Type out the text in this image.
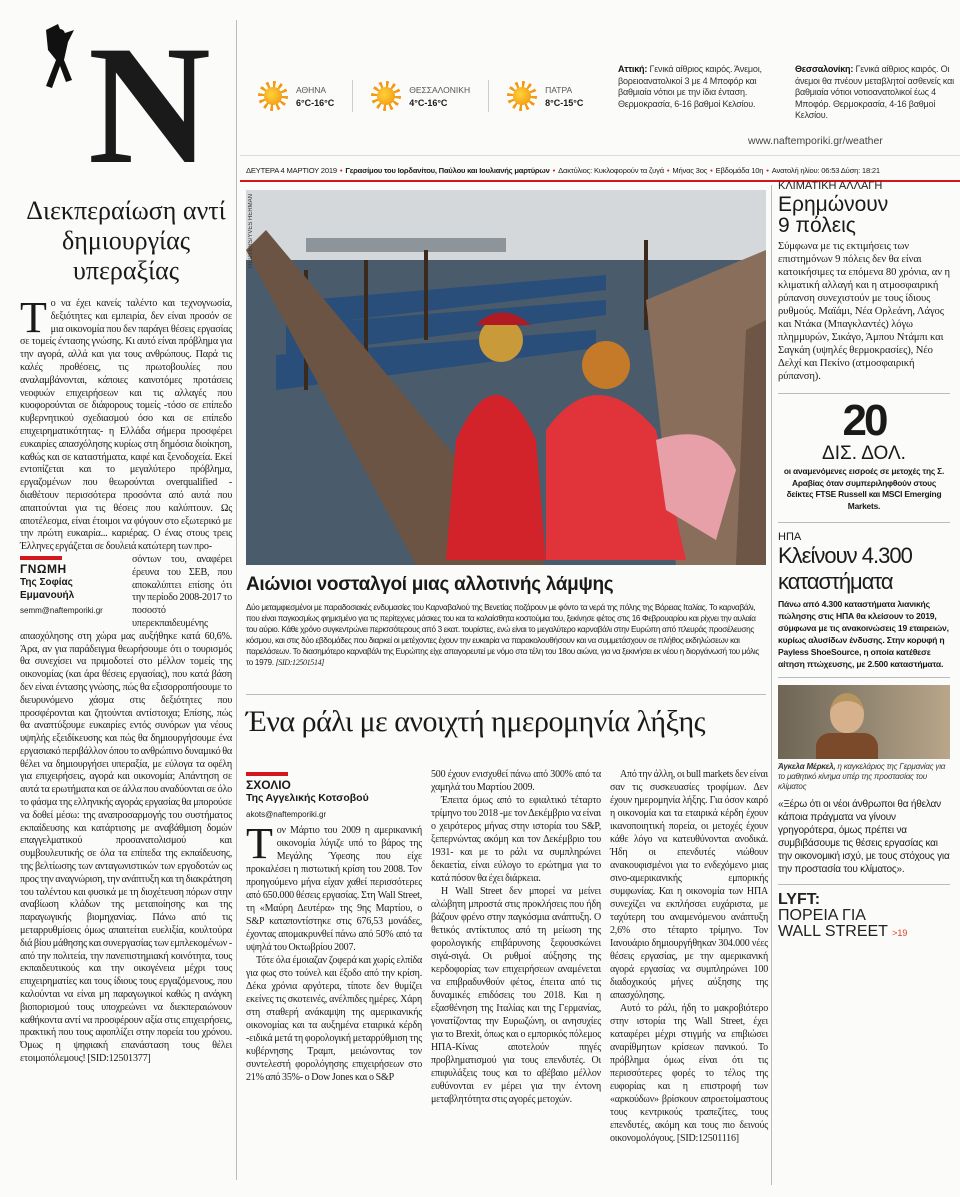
N
Διεκπεραίωση αντί δημιουργίας υπεραξίας

Το να έχει κανείς ταλέντο και τεχνογνωσία, δεξιότητες και εμπειρία, δεν είναι προσόν σε μια οικονομία που δεν παράγει θέσεις εργασίας σε τομείς έντασης γνώσης. Κι αυτό είναι πρόβλημα για την αγορά, αλλά και για τους ανθρώπους. Παρά τις καλές προθέσεις, τις πρωτοβουλίες που αναλαμβάνονται, κάποιες καινοτόμες προτάσεις νεοφυών επιχειρήσεων και τις αλλαγές που κυοφορούνται σε διάφορους τομείς -τόσο σε επίπεδο κυβερνητικού σχεδιασμού όσο και σε επίπεδο επιχειρηματικότητας- η Ελλάδα σήμερα προσφέρει ευκαιρίες απασχόλησης κυρίως στη δημόσια διοίκηση, καθώς και σε καταστήματα, καφέ και ξενοδοχεία. Εκεί εντοπίζεται και το μεγαλύτερο πρόβλημα, εργαζομένων που θεωρούνται overqualified - διαθέτουν περισσότερα προσόντα από αυτά που απαιτούνται για τις θέσεις που καλύπτουν. Ως αποτέλεσμα, είναι έτοιμοι να φύγουν στο εξωτερικό με την πρώτη ευκαιρία... καριέρας. Ο ένας στους τρεις Έλληνες εργάζεται σε δουλειά κατώτερη των προ-

ΓΝΩΜΗ
Της Σοφίας Εμμανουήλ
semm@naftemporiki.gr

σόντων του, αναφέρει έρευνα του ΣΕΒ, που αποκαλύπτει επίσης ότι την περίοδο 2008-2017 το ποσοστό υπερεκπαιδευμένης απασχόλησης στη χώρα μας αυξήθηκε κατά 60,6%. Άρα, αν για παράδειγμα θεωρήσουμε ότι ο τουρισμός θα συνεχίσει να πριμοδοτεί στο μέλλον τομείς της οικονομίας (και άρα θέσεις εργασίας), που κατά βάση δεν είναι έντασης γνώσης, πώς θα εξισορροπήσουμε το διευρυνόμενο χάσμα στις δεξιότητες που προσφέρονται και ζητούνται αντίστοιχα; Επίσης, πώς θα αναπτύξουμε ευκαιρίες εντός συνόρων για νέους υψηλής εξειδίκευσης και πώς θα δημιουργήσουμε ένα εργασιακό περιβάλλον όπου το ανθρώπινο δυναμικό θα θέλει να δημιουργήσει υπεραξία, με εύλογα τα οφέλη για επιχειρήσεις, αγορά και οικονομία; Απάντηση σε αυτά τα ερωτήματα και σε άλλα που αναδύονται σε όλο το φάσμα της ελληνικής αγοράς εργασίας θα μπορούσε να δοθεί μέσω: της αναπροσαρμογής του συστήματος εκπαίδευσης και κατάρτισης με αναβάθμιση δομών επαγγελματικού προσανατολισμού και συμβουλευτικής σε όλα τα επίπεδα της εκπαίδευσης, της βελτίωσης των ανταγωνιστικών των εργοδοτών ως προς την αναγνώριση, την ανάπτυξη και τη διακράτηση του ταλέντου και φυσικά με τη διοχέτευση πόρων στην αναβίωση κλάδων της μεταποίησης και της παραγωγικής βιομηχανίας. Πάνω από τις μεταρρυθμίσεις όμως απαιτείται ευελιξία, κουλτούρα διά βίου μάθησης και συνεργασίας των εμπλεκομένων - από την πολιτεία, την πανεπιστημιακή κοινότητα, τους εκπαιδευτικούς και την οικογένεια μέχρι τους επιχειρηματίες και τους ίδιους τους εργαζόμενους, που καλούνται να είναι μη παραγωγικοί καθώς η ανάγκη βιοπορισμού τους υποχρεώνει να διεκπεραιώνουν καθήκοντα αντί να προσφέρουν αξία στις επιχειρήσεις, πρακτική που τους αφοπλίζει στην πορεία του χρόνου. Όμως η ψηφιακή επανάσταση τους θέλει ετοιμοπόλεμους! [SID:12501377]

ΑΘΗΝΑ
6°C-16°C
ΘΕΣΣΑΛΟΝΙΚΗ
4°C-16°C
ΠΑΤΡΑ
8°C-15°C
Αττική: Γενικά αίθριος καιρός. Άνεμοι, βορειοανατολικοί 3 με 4 Μποφόρ και βαθμιαία νότιοι με την ίδια ένταση. Θερμοκρασία, 6-16 βαθμοί Κελσίου.
Θεσσαλονίκη: Γενικά αίθριος καιρός. Οι άνεμοι θα πνέουν μεταβλητοί ασθενείς και βαθμιαία νότιοι νοτιοανατολικοί έως 4 Μποφόρ. Θερμοκρασία, 4-16 βαθμοί Κελσίου.
www.naftemporiki.gr/weather
ΔΕΥΤΕΡΑ 4 ΜΑΡΤΙΟΥ 2019 • Γερασίμου του Ιορδανίτου, Παύλου και Ιουλιανής μαρτύρων • Δακτύλιος: Κυκλοφορούν τα ζυγά • Μήνας 3ος • Εβδομάδα 10η • Ανατολή ηλίου: 06:53 Δύση: 18:21
REUTERS/YVES HERMAN
Αιώνιοι νοσταλγοί μιας αλλοτινής λάμψης
Δύο μεταμφιεσμένοι με παραδοσιακές ενδυμασίες του Καρναβαλιού της Βενετίας ποζάρουν με φόντο τα νερά της πόλης της Βόρειας Ιταλίας. Το καρναβάλι, που είναι παγκοσμίως φημισμένο για τις περίτεχνες μάσκες του και τα καλαίσθητα κοστούμια του, ξεκίνησε φέτος στις 16 Φεβρουαρίου και ρίχνει την αυλαία του αύριο. Κάθε χρόνο συγκεντρώνει περισσότερους από 3 εκατ. τουρίστες, ενώ είναι το μεγαλύτερο καρναβάλι στην Ευρώπη από πλευράς προσέλευσης κόσμου, και στις δύο εβδομάδες που διαρκεί οι μετέχοντες έχουν την ευκαιρία να παρακολουθήσουν και να συμμετάσχουν σε πλήθος εκδηλώσεων και παρελάσεων. Το διασημότερο καρναβάλι της Ευρώπης είχε απαγορευτεί με νόμο στα τέλη του 18ου αιώνα, για να ξεκινήσει εκ νέου η διοργάνωσή του μόλις το 1979. [SID:12501514]
Ένα ράλι με ανοιχτή ημερομηνία λήξης
ΣΧΟΛΙΟ
Της Αγγελικής Κοτσοβού
akots@naftemporiki.gr

Τον Μάρτιο του 2009 η αμερικανική οικονομία λύγιζε υπό το βάρος της Μεγάλης Ύφεσης που είχε προκαλέσει η πιστωτική κρίση του 2008. Τον προηγούμενο μήνα είχαν χαθεί περισσότερες από 650.000 θέσεις εργασίας. Στη Wall Street, τη «Μαύρη Δευτέρα» της 9ης Μαρτίου, ο S&P καταποντίστηκε στις 676,53 μονάδες, έχοντας απομακρυνθεί πάνω από 50% από τα υψηλά του Οκτωβρίου 2007.

Τότε όλα έμοιαζαν ζοφερά και χωρίς ελπίδα για φως στο τούνελ και έξοδο από την κρίση. Δέκα χρόνια αργότερα, τίποτε δεν θυμίζει εκείνες τις σκοτεινές, ανέλπιδες ημέρες. Χάρη στη σταθερή ανάκαμψη της αμερικανικής οικονομίας και τα αυξημένα εταιρικά κέρδη -ειδικά μετά τη φορολογική μεταρρύθμιση της κυβέρνησης Τραμπ, μειώνοντας τον συντελεστή φορολόγησης επιχειρήσεων στο 21% από 35%- ο Dow Jones και ο S&P

500 έχουν ενισχυθεί πάνω από 300% από τα χαμηλά του Μαρτίου 2009.

Έπειτα όμως από το εφιαλτικό τέταρτο τρίμηνο του 2018 -με τον Δεκέμβριο να είναι ο χειρότερος μήνας στην ιστορία του S&P, ξεπερνώντας ακόμη και τον Δεκέμβριο του 1931- και με το ράλι να συμπληρώνει δεκαετία, είναι εύλογο το ερώτημα για το κατά πόσον θα έχει διάρκεια.

Η Wall Street δεν μπορεί να μείνει αλώβητη μπροστά στις προκλήσεις που ήδη βάζουν φρένο στην παγκόσμια ανάπτυξη. Ο θετικός αντίκτυπος από τη μείωση της φορολογικής επιβάρυνσης ξεφουσκώνει σιγά-σιγά. Οι ρυθμοί αύξησης της κερδοφορίας των επιχειρήσεων αναμένεται να επιβραδυνθούν φέτος, έπειτα από τις δυναμικές επιδόσεις του 2018. Και η εξασθένηση της Ιταλίας και της Γερμανίας, γονατίζοντας την Ευρωζώνη, οι ανησυχίες για το Brexit, όπως και ο εμπορικός πόλεμος ΗΠΑ-Κίνας αποτελούν πηγές προβληματισμού για τους επενδυτές. Οι επιφυλάξεις τους και το αβέβαιο μέλλον ευθύνονται εν μέρει για την έντονη μεταβλητότητα στις αγορές μετοχών.

Από την άλλη, οι bull markets δεν είναι σαν τις συσκευασίες τροφίμων. Δεν έχουν ημερομηνία λήξης. Για όσον καιρό η οικονομία και τα εταιρικά κέρδη έχουν ικανοποιητική πορεία, οι μετοχές έχουν κάθε λόγο να κατευθύνονται ανοδικά. Ήδη οι επενδυτές νιώθουν ανακουφισμένοι για το ενδεχόμενο μιας σινο-αμερικανικής εμπορικής συμφωνίας. Και η οικονομία των ΗΠΑ συνεχίζει να εκπλήσσει ευχάριστα, με ταχύτερη του αναμενόμενου ανάπτυξη 2,6% στο τέταρτο τρίμηνο. Τον Ιανουάριο δημιουργήθηκαν 304.000 νέες θέσεις εργασίας, με την αμερικανική αγορά εργασίας να συμπληρώνει 100 διαδοχικούς μήνες αύξησης της απασχόλησης.

Αυτό το ράλι, ήδη το μακροβιότερο στην ιστορία της Wall Street, έχει καταφέρει μέχρι στιγμής να επιβιώσει αναρίθμητων κρίσεων πανικού. Το πρόβλημα όμως είναι ότι τις περισσότερες φορές το τέλος της ευφορίας και η επιστροφή των «αρκούδων» βρίσκουν απροετοίμαστους τους κεντρικούς τραπεζίτες, τους επενδυτές, ακόμη και τους πιο δεινούς οικονομολόγους. [SID:12501116]

ΚΛΙΜΑΤΙΚΗ ΑΛΛΑΓΗ
Ερημώνουν 9 πόλεις
Σύμφωνα με τις εκτιμήσεις των επιστημόνων 9 πόλεις δεν θα είναι κατοικήσιμες τα επόμενα 80 χρόνια, αν η κλιματική αλλαγή και η ατμοσφαιρική ρύπανση συνεχιστούν με τους ίδιους ρυθμούς. Μαϊάμι, Νέα Ορλεάνη, Λάγος και Ντάκα (Μπαγκλαντές) λόγω πλημμυρών, Σικάγο, Άμπου Ντάμπι και Σαγκάη (υψηλές θερμοκρασίες), Νέο Δελχί και Πεκίνο (ατμοσφαιρική ρύπανση).
20
ΔΙΣ. ΔΟΛ.
οι αναμενόμενες εισροές σε μετοχές της Σ. Αραβίας όταν συμπεριληφθούν στους δείκτες FTSE Russell και MSCI Emerging Markets.
ΗΠΑ
Κλείνουν 4.300 καταστήματα
Πάνω από 4.300 καταστήματα λιανικής πώλησης στις ΗΠΑ θα κλείσουν το 2019, σύμφωνα με τις ανακοινώσεις 19 εταιρειών, κυρίως αλυσίδων ένδυσης. Στην κορυφή η Payless ShoeSource, η οποία κατέθεσε αίτηση πτώχευσης, με 2.500 καταστήματα.
Άγκελα Μέρκελ, η καγκελάριος της Γερμανίας για το μαθητικό κίνημα υπέρ της προστασίας του κλίματος
«Ξέρω ότι οι νέοι άνθρωποι θα ήθελαν κάποια πράγματα να γίνουν γρηγορότερα, όμως πρέπει να συμβιβάσουμε τις θέσεις εργασίας και την οικονομική ισχύ, με τους στόχους για την προστασία του κλίματος».
LYFT:
ΠΟΡΕΙΑ ΓΙΑ
WALL STREET >19
